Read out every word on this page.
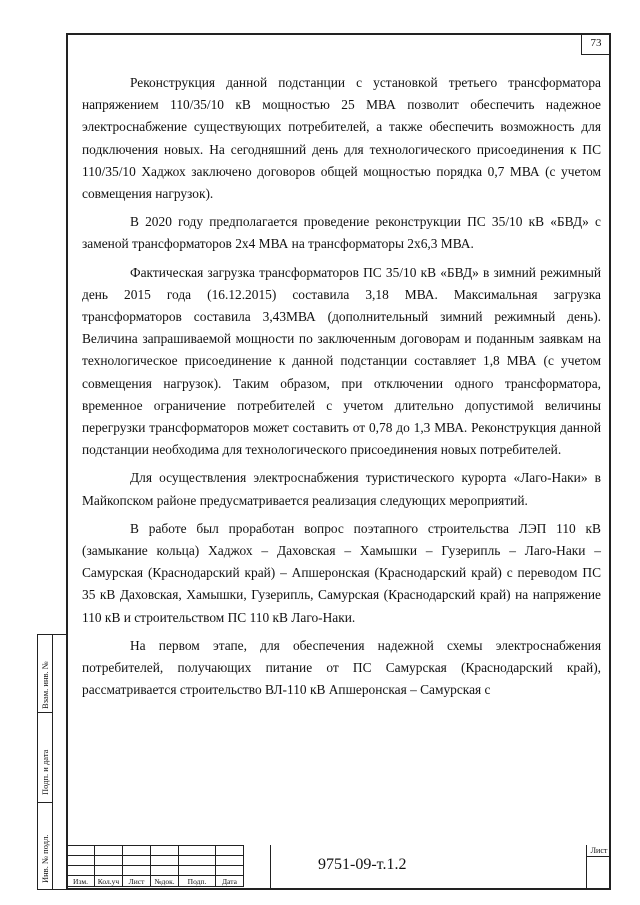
73

Реконструкция данной подстанции с установкой третьего трансформатора напряжением 110/35/10 кВ мощностью 25 МВА позволит обеспечить надежное электроснабжение существующих потребителей, а также обеспечить возможность для подключения новых. На сегодняшний день для технологического присоединения к ПС 110/35/10 Хаджох заключено договоров общей мощностью порядка 0,7 МВА (с учетом совмещения нагрузок).

В 2020 году предполагается проведение реконструкции ПС 35/10 кВ «БВД» с заменой трансформаторов 2х4 МВА на трансформаторы 2х6,3 МВА.

Фактическая загрузка трансформаторов ПС 35/10 кВ «БВД» в зимний режимный день 2015 года (16.12.2015) составила 3,18 МВА. Максимальная загрузка трансформаторов составила 3,43МВА (дополнительный зимний режимный день). Величина запрашиваемой мощности по заключенным договорам и поданным заявкам на технологическое присоединение к данной подстанции составляет 1,8 МВА (с учетом совмещения нагрузок). Таким образом, при отключении одного трансформатора, временное ограничение потребителей с учетом длительно допустимой величины перегрузки трансформаторов может составить от 0,78 до 1,3 МВА. Реконструкция данной подстанции необходима для технологического присоединения новых потребителей.

Для осуществления электроснабжения туристического курорта «Лаго-Наки» в Майкопском районе предусматривается реализация следующих мероприятий.

В работе был проработан вопрос поэтапного строительства ЛЭП 110 кВ (замыкание кольца) Хаджох – Даховская – Хамышки – Гузерипль – Лаго-Наки – Самурская (Краснодарский край) – Апшеронская (Краснодарский край) с переводом ПС 35 кВ Даховская, Хамышки, Гузерипль, Самурская (Краснодарский край) на напряжение 110 кВ и строительством ПС 110 кВ Лаго-Наки.

На первом этапе, для обеспечения надежной схемы электроснабжения потребителей, получающих питание от ПС Самурская (Краснодарский край), рассматривается строительство ВЛ-110 кВ Апшеронская – Самурская с

Взам. инв. №
Подп. и дата
Инв. № подл.

						Изм.	Кол.уч	Лист	№док.	Подп.	Дата	
9751-09-т.1.2
Лист
